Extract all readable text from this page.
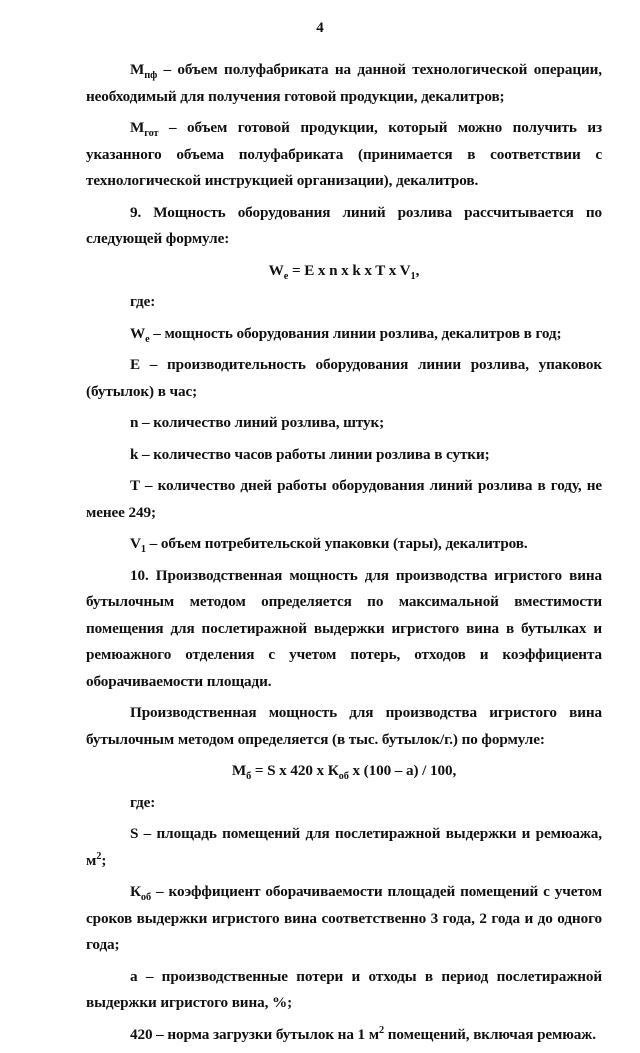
4

$М_{пф}$ – объем полуфабриката на данной технологической операции, необходимый для получения готовой продукции, декалитров;

$М_{гот}$ – объем готовой продукции, который можно получить из указанного объема полуфабриката (принимается в соответствии с технологической инструкцией организации), декалитров.

9. Мощность оборудования линий розлива рассчитывается по следующей формуле:

$W_e = E$ x n x k x T x $V_1$,

где:

$W_e$ – мощность оборудования линии розлива, декалитров в год;

E – производительность оборудования линии розлива, упаковок (бутылок) в час;

n – количество линий розлива, штук;

k – количество часов работы линии розлива в сутки;

T – количество дней работы оборудования линий розлива в году, не менее 249;

$V_1$ – объем потребительской упаковки (тары), декалитров.

10. Производственная мощность для производства игристого вина бутылочным методом определяется по максимальной вместимости помещения для послетиражной выдержки игристого вина в бутылках и ремюажного отделения с учетом потерь, отходов и коэффициента оборачиваемости площади.

Производственная мощность для производства игристого вина бутылочным методом определяется (в тыс. бутылок/г.) по формуле:

$М_б = S$ x 420 x $К_{об}$ x (100 – a) / 100,

где:

S – площадь помещений для послетиражной выдержки и ремюажа, $м^2$;

$К_{об}$ – коэффициент оборачиваемости площадей помещений с учетом сроков выдержки игристого вина соответственно 3 года, 2 года и до одного года;

a – производственные потери и отходы в период послетиражной выдержки игристого вина, %;

420 – норма загрузки бутылок на 1 $м^2$ помещений, включая ремюаж.
